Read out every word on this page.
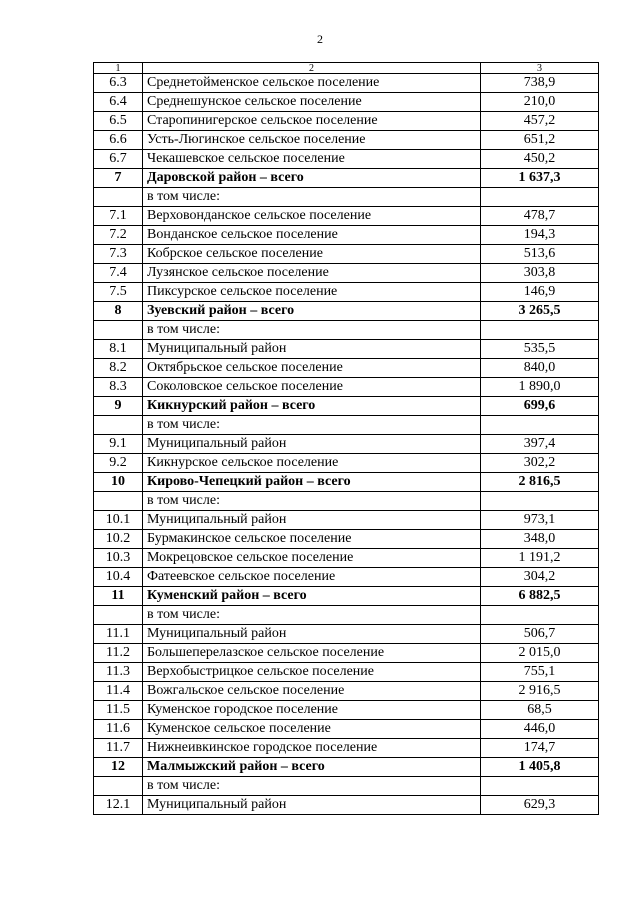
2
1	2	3
6.3	Среднетойменское сельское поселение	738,9
6.4	Среднешунское сельское поселение	210,0
6.5	Старопинигерское сельское поселение	457,2
6.6	Усть-Люгинское сельское поселение	651,2
6.7	Чекашевское сельское поселение	450,2
7	Даровской район – всего	1 637,3
	в том числе:	
7.1	Верховонданское сельское поселение	478,7
7.2	Вонданское сельское поселение	194,3
7.3	Кобрское сельское поселение	513,6
7.4	Лузянское сельское поселение	303,8
7.5	Пиксурское сельское поселение	146,9
8	Зуевский район – всего	3 265,5
	в том числе:	
8.1	Муниципальный район	535,5
8.2	Октябрьское сельское поселение	840,0
8.3	Соколовское сельское поселение	1 890,0
9	Кикнурский район – всего	699,6
	в том числе:	
9.1	Муниципальный район	397,4
9.2	Кикнурское сельское поселение	302,2
10	Кирово-Чепецкий район – всего	2 816,5
	в том числе:	
10.1	Муниципальный район	973,1
10.2	Бурмакинское сельское поселение	348,0
10.3	Мокрецовское сельское поселение	1 191,2
10.4	Фатеевское сельское поселение	304,2
11	Куменский район – всего	6 882,5
	в том числе:	
11.1	Муниципальный район	506,7
11.2	Большеперелазское сельское поселение	2 015,0
11.3	Верхобыстрицкое сельское поселение	755,1
11.4	Вожгальское сельское поселение	2 916,5
11.5	Куменское городское поселение	68,5
11.6	Куменское сельское поселение	446,0
11.7	Нижнеивкинское городское поселение	174,7
12	Малмыжский район – всего	1 405,8
	в том числе:	
12.1	Муниципальный район	629,3
